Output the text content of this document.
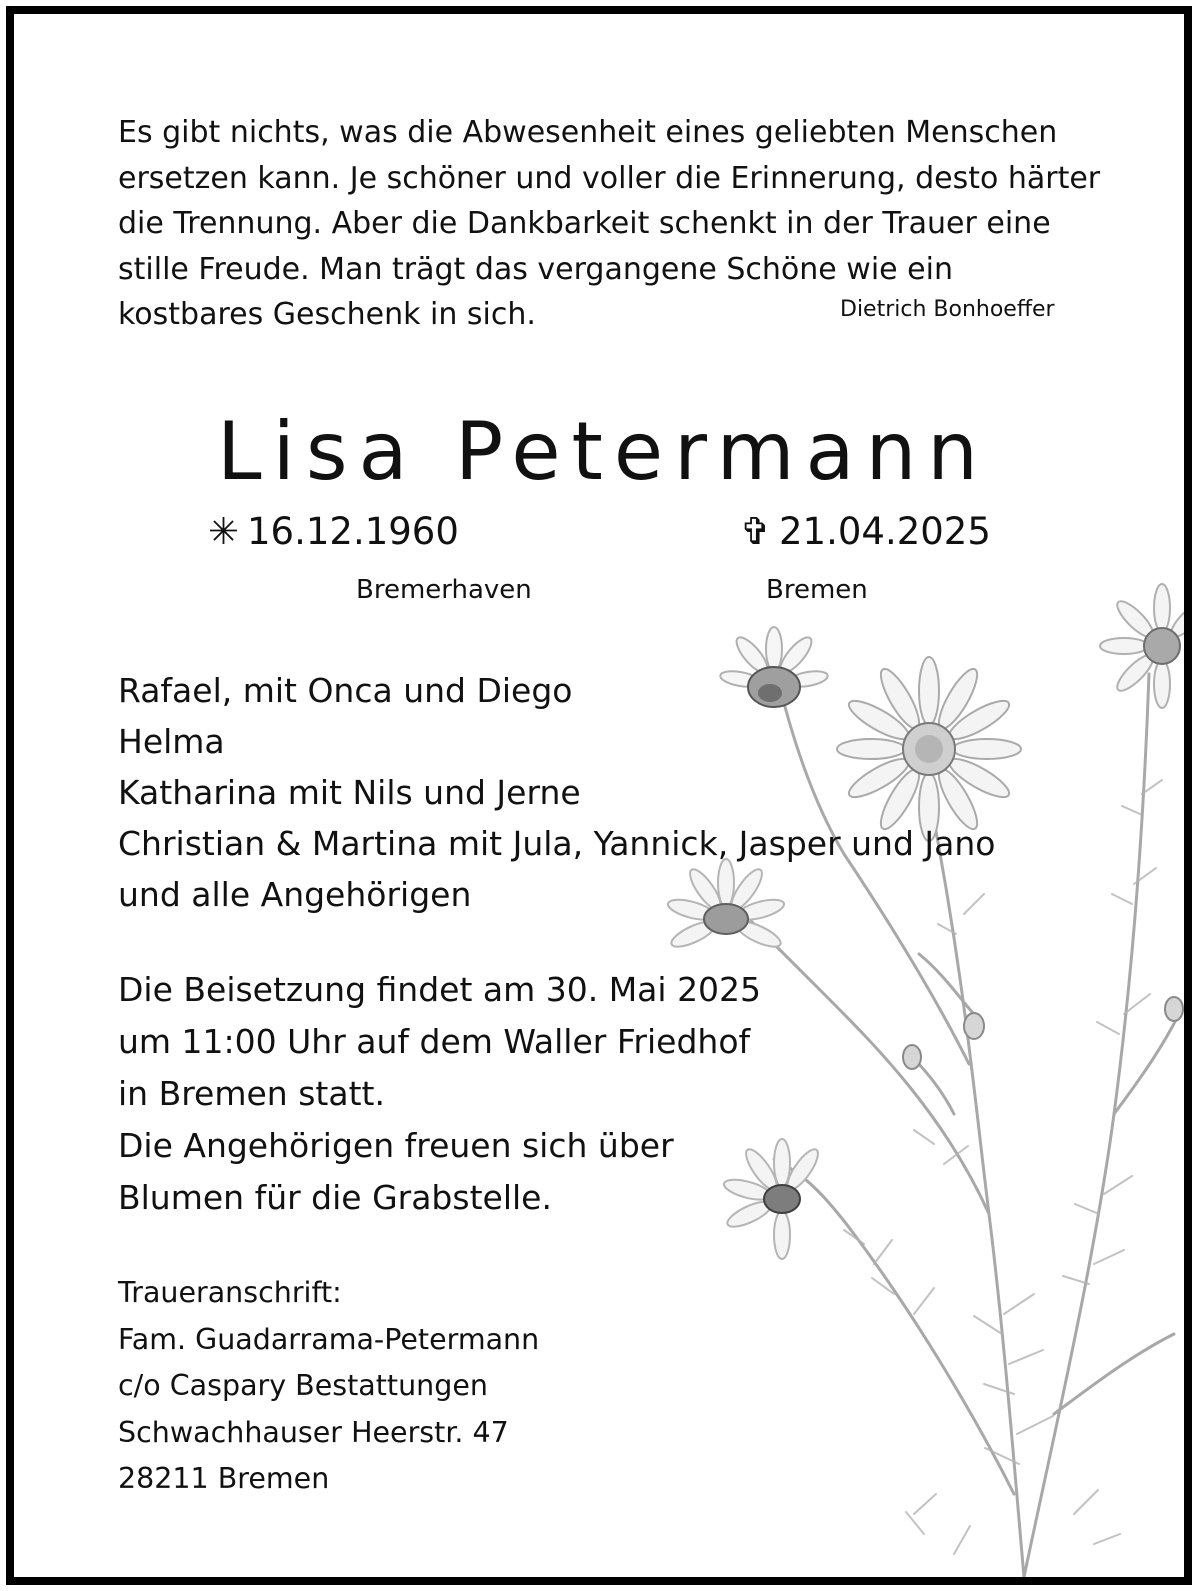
Es gibt nichts, was die Abwesenheit eines geliebten Menschen
ersetzen kann. Je schöner und voller die Erinnerung, desto härter
die Trennung. Aber die Dankbarkeit schenkt in der Trauer eine
stille Freude. Man trägt das vergangene Schöne wie ein
kostbares Geschenk in sich.	Dietrich Bonhoeffer
Lisa Petermann
✳ 16.12.1960	✞ 21.04.2025
Bremerhaven	Bremen
Rafael, mit Onca und Diego
Helma
Katharina mit Nils und Jerne
Christian & Martina mit Jula, Yannick, Jasper und Jano
und alle Angehörigen
Die Beisetzung findet am 30. Mai 2025
um 11:00 Uhr auf dem Waller Friedhof
in Bremen statt.
Die Angehörigen freuen sich über
Blumen für die Grabstelle.
Traueranschrift:
Fam. Guadarrama-Petermann
c/o Caspary Bestattungen
Schwachhauser Heerstr. 47
28211 Bremen
